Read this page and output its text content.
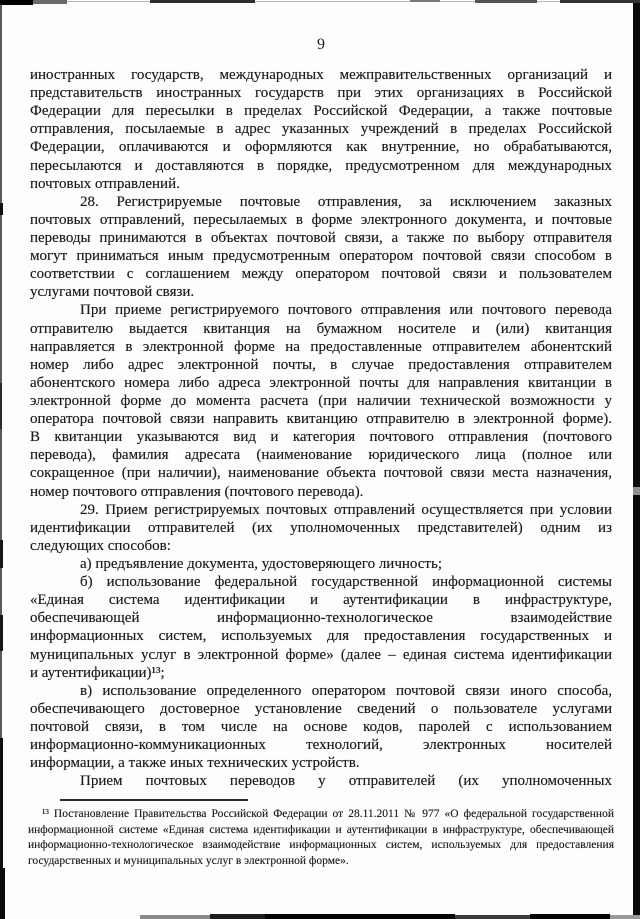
9
иностранных государств, международных межправительственных организаций и
представительств иностранных государств при этих организациях в Российской
Федерации для пересылки в пределах Российской Федерации, а также почтовые
отправления, посылаемые в адрес указанных учреждений в пределах Российской
Федерации, оплачиваются и оформляются как внутренние, но обрабатываются,
пересылаются и доставляются в порядке, предусмотренном для международных
почтовых отправлений.
28. Регистрируемые почтовые отправления, за исключением заказных
почтовых отправлений, пересылаемых в форме электронного документа, и почтовые
переводы принимаются в объектах почтовой связи, а также по выбору отправителя
могут приниматься иным предусмотренным оператором почтовой связи способом в
соответствии с соглашением между оператором почтовой связи и пользователем
услугами почтовой связи.
При приеме регистрируемого почтового отправления или почтового перевода
отправителю выдается квитанция на бумажном носителе и (или) квитанция
направляется в электронной форме на предоставленные отправителем абонентский
номер либо адрес электронной почты, в случае предоставления отправителем
абонентского номера либо адреса электронной почты для направления квитанции в
электронной форме до момента расчета (при наличии технической возможности у
оператора почтовой связи направить квитанцию отправителю в электронной форме).
В квитанции указываются вид и категория почтового отправления (почтового
перевода), фамилия адресата (наименование юридического лица (полное или
сокращенное (при наличии), наименование объекта почтовой связи места назначения,
номер почтового отправления (почтового перевода).
29. Прием регистрируемых почтовых отправлений осуществляется при условии
идентификации отправителей (их уполномоченных представителей) одним из
следующих способов:
а) предъявление документа, удостоверяющего личность;
б) использование федеральной государственной информационной системы
«Единая система идентификации и аутентификации в инфраструктуре,
обеспечивающей информационно-технологическое взаимодействие
информационных систем, используемых для предоставления государственных и
муниципальных услуг в электронной форме» (далее – единая система идентификации
и аутентификации)¹³;
в) использование определенного оператором почтовой связи иного способа,
обеспечивающего достоверное установление сведений о пользователе услугами
почтовой связи, в том числе на основе кодов, паролей с использованием
информационно-коммуникационных технологий, электронных носителей
информации, а также иных технических устройств.
Прием почтовых переводов у отправителей (их уполномоченных
¹³ Постановление Правительства Российской Федерации от 28.11.2011 № 977 «О федеральной государственной
информационной системе «Единая система идентификации и аутентификации в инфраструктуре, обеспечивающей
информационно-технологическое взаимодействие информационных систем, используемых для предоставления
государственных и муниципальных услуг в электронной форме».
